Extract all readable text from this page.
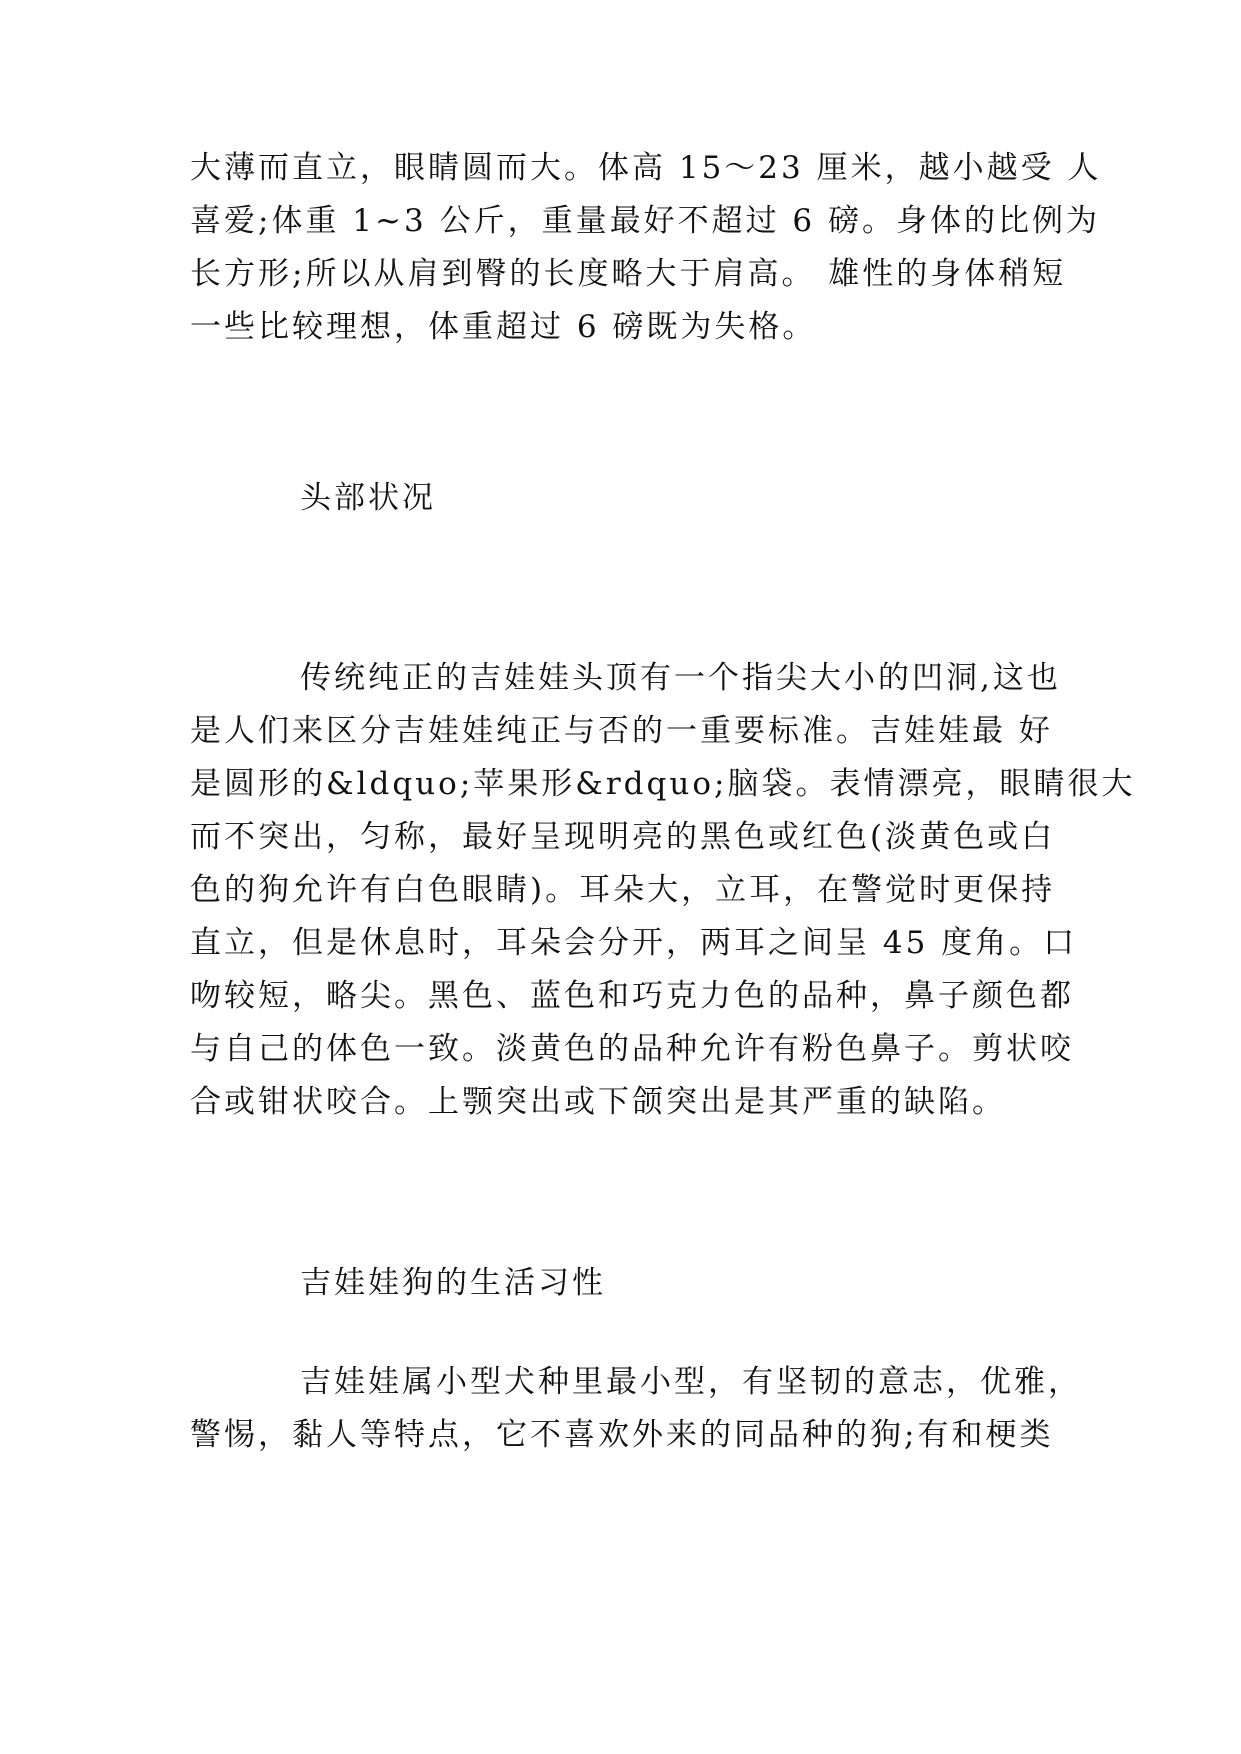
大薄而直立，眼睛圆而大。体高 15～23 厘米，越小越受 人

喜爱;体重 1~3 公斤，重量最好不超过 6 磅。身体的比例为

长方形;所以从肩到臀的长度略大于肩高。 雄性的身体稍短

一些比较理想，体重超过 6 磅既为失格。

头部状况

传统纯正的吉娃娃头顶有一个指尖大小的凹洞,这也

是人们来区分吉娃娃纯正与否的一重要标准。吉娃娃最 好

是圆形的&ldquo;苹果形&rdquo;脑袋。表情漂亮，眼睛很大

而不突出，匀称，最好呈现明亮的黑色或红色(淡黄色或白

色的狗允许有白色眼睛)。耳朵大，立耳，在警觉时更保持

直立，但是休息时，耳朵会分开，两耳之间呈 45 度角。口

吻较短，略尖。黑色、蓝色和巧克力色的品种，鼻子颜色都

与自己的体色一致。淡黄色的品种允许有粉色鼻子。剪状咬

合或钳状咬合。上颚突出或下颌突出是其严重的缺陷。

吉娃娃狗的生活习性

吉娃娃属小型犬种里最小型，有坚韧的意志，优雅，

警惕，黏人等特点，它不喜欢外来的同品种的狗;有和梗类
